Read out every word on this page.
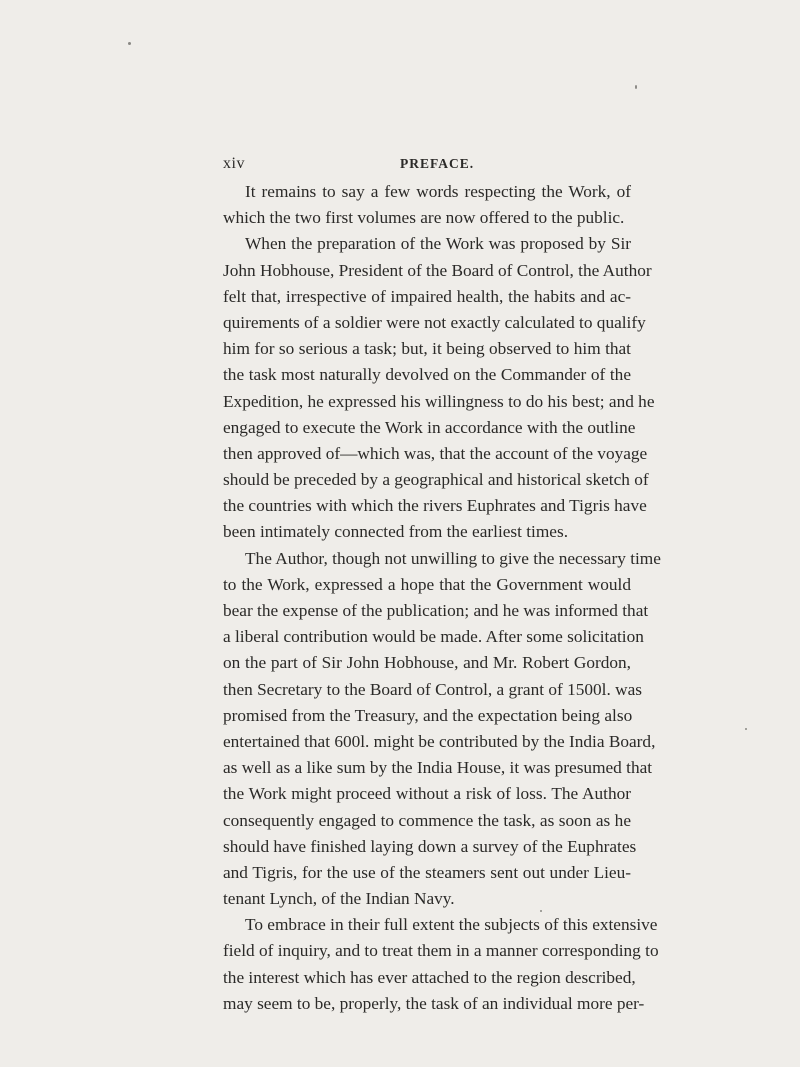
xiv	PREFACE.
It remains to say a few words respecting the Work, of
which the two first volumes are now offered to the public.
When the preparation of the Work was proposed by Sir
John Hobhouse, President of the Board of Control, the Author
felt that, irrespective of impaired health, the habits and ac-
quirements of a soldier were not exactly calculated to qualify
him for so serious a task; but, it being observed to him that
the task most naturally devolved on the Commander of the
Expedition, he expressed his willingness to do his best; and he
engaged to execute the Work in accordance with the outline
then approved of—which was, that the account of the voyage
should be preceded by a geographical and historical sketch of
the countries with which the rivers Euphrates and Tigris have
been intimately connected from the earliest times.
The Author, though not unwilling to give the necessary time
to the Work, expressed a hope that the Government would
bear the expense of the publication; and he was informed that
a liberal contribution would be made. After some solicitation
on the part of Sir John Hobhouse, and Mr. Robert Gordon,
then Secretary to the Board of Control, a grant of 1500l. was
promised from the Treasury, and the expectation being also
entertained that 600l. might be contributed by the India Board,
as well as a like sum by the India House, it was presumed that
the Work might proceed without a risk of loss. The Author
consequently engaged to commence the task, as soon as he
should have finished laying down a survey of the Euphrates
and Tigris, for the use of the steamers sent out under Lieu-
tenant Lynch, of the Indian Navy.
To embrace in their full extent the subjects of this extensive
field of inquiry, and to treat them in a manner corresponding to
the interest which has ever attached to the region described,
may seem to be, properly, the task of an individual more per-
